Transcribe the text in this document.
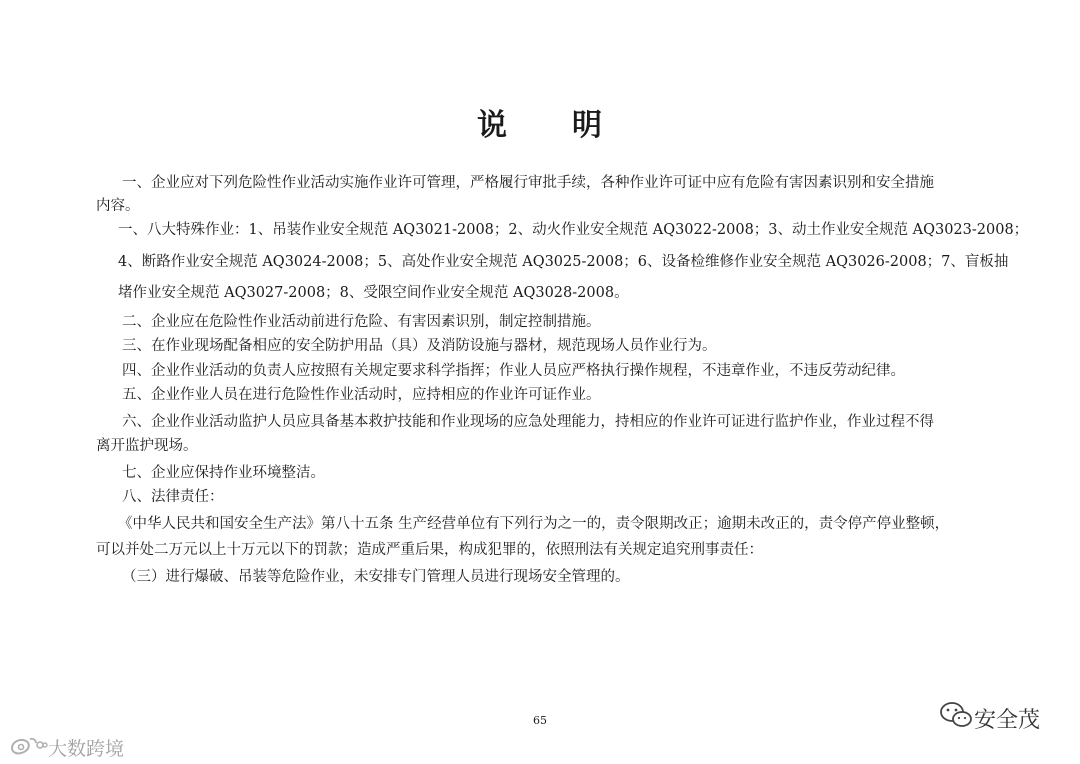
说 明
一、企业应对下列危险性作业活动实施作业许可管理，严格履行审批手续，各种作业许可证中应有危险有害因素识别和安全措施
内容。
一、八大特殊作业：1、吊装作业安全规范 AQ3021-2008；2、动火作业安全规范 AQ3022-2008；3、动土作业安全规范 AQ3023-2008；
4、断路作业安全规范 AQ3024-2008；5、高处作业安全规范 AQ3025-2008；6、设备检维修作业安全规范 AQ3026-2008；7、盲板抽
堵作业安全规范 AQ3027-2008；8、受限空间作业安全规范 AQ3028-2008。
二、企业应在危险性作业活动前进行危险、有害因素识别，制定控制措施。
三、在作业现场配备相应的安全防护用品（具）及消防设施与器材，规范现场人员作业行为。
四、企业作业活动的负责人应按照有关规定要求科学指挥；作业人员应严格执行操作规程，不违章作业，不违反劳动纪律。
五、企业作业人员在进行危险性作业活动时，应持相应的作业许可证作业。
六、企业作业活动监护人员应具备基本救护技能和作业现场的应急处理能力，持相应的作业许可证进行监护作业，作业过程不得
离开监护现场。
七、企业应保持作业环境整洁。
八、法律责任：
《中华人民共和国安全生产法》第八十五条 生产经营单位有下列行为之一的，责令限期改正；逾期未改正的，责令停产停业整顿，
可以并处二万元以上十万元以下的罚款；造成严重后果，构成犯罪的，依照刑法有关规定追究刑事责任：
（三）进行爆破、吊装等危险作业，未安排专门管理人员进行现场安全管理的。
65
大数跨境
安全茂
